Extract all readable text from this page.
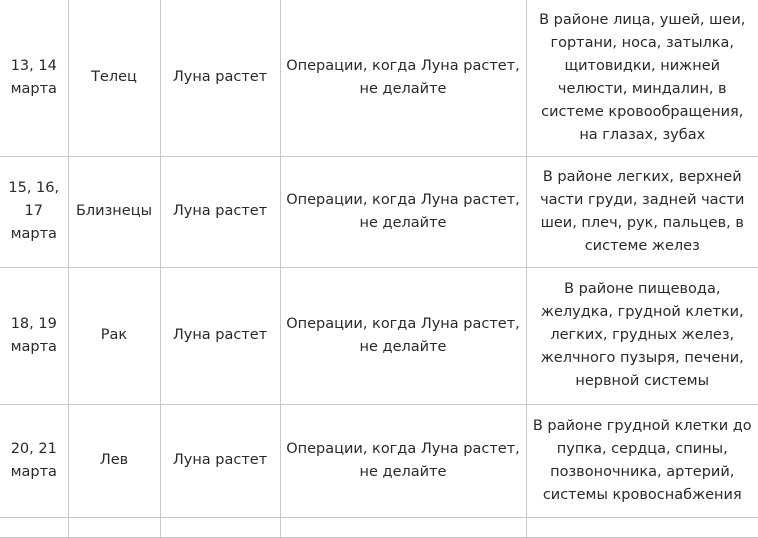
13, 14 марта	Телец	Луна растет	Операции, когда Луна растет, не делайте	В районе лица, ушей, шеи, гортани, носа, затылка, щитовидки, нижней челюсти, миндалин, в системе кровообращения, на глазах, зубах
15, 16, 17 марта	Близнецы	Луна растет	Операции, когда Луна растет, не делайте	В районе легких, верхней части груди, задней части шеи, плеч, рук, пальцев, в системе желез
18, 19 марта	Рак	Луна растет	Операции, когда Луна растет, не делайте	В районе пищевода, желудка, грудной клетки, легких, грудных желез, желчного пузыря, печени, нервной системы
20, 21 марта	Лев	Луна растет	Операции, когда Луна растет, не делайте	В районе грудной клетки до пупка, сердца, спины, позвоночника, артерий, системы кровоснабжения
